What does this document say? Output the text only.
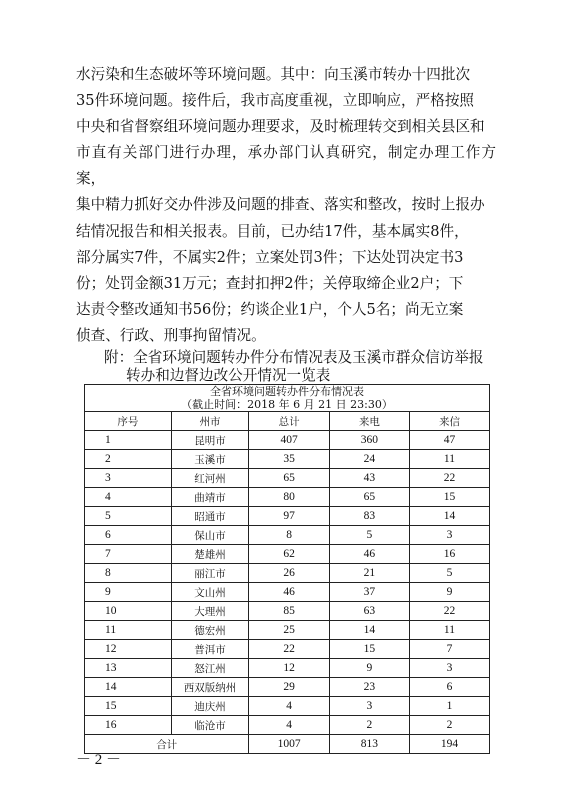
水污染和生态破坏等环境问题。其中：向玉溪市转办十四批次

35件环境问题。接件后，我市高度重视，立即响应，严格按照

中央和省督察组环境问题办理要求，及时梳理转交到相关县区和

市直有关部门进行办理，承办部门认真研究，制定办理工作方案，

集中精力抓好交办件涉及问题的排查、落实和整改，按时上报办

结情况报告和相关报表。目前，已办结17件，基本属实8件，

部分属实7件，不属实2件；立案处罚3件；下达处罚决定书3

份；处罚金额31万元；查封扣押2件；关停取缔企业2户；下

达责令整改通知书56份；约谈企业1户，个人5名；尚无立案

侦查、行政、刑事拘留情况。

附：全省环境问题转办件分布情况表及玉溪市群众信访举报
转办和边督边改公开情况一览表
全省环境问题转办件分布情况表
（截止时间：2018 年 6 月 21 日 23:30）				

序号	州市	总计	来电	来信
1	昆明市	407	360	47
2	玉溪市	35	24	11
3	红河州	65	43	22
4	曲靖市	80	65	15
5	昭通市	97	83	14
6	保山市	8	5	3
7	楚雄州	62	46	16
8	丽江市	26	21	5
9	文山州	46	37	9
10	大理州	85	63	22
11	德宏州	25	14	11
12	普洱市	22	15	7
13	怒江州	12	9	3
14	西双版纳州	29	23	6
15	迪庆州	4	3	1
16	临沧市	4	2	2
合计		1007	813	194
－ 2 －
